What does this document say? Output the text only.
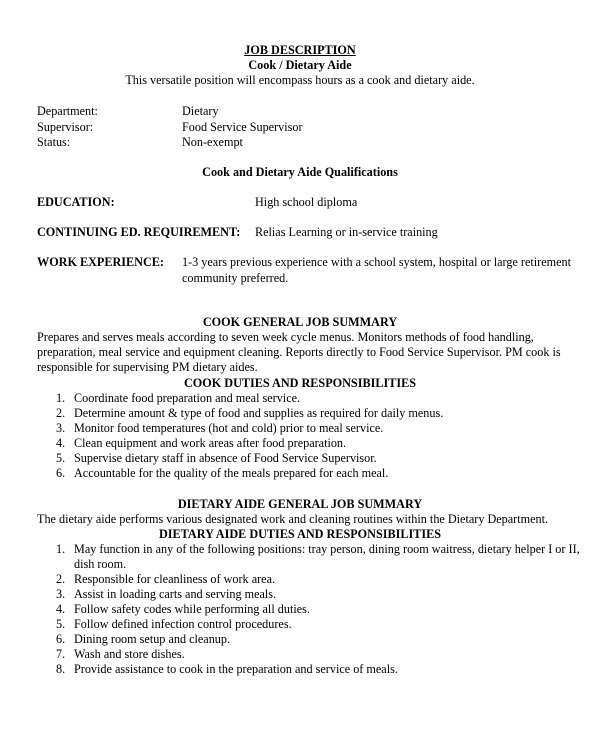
JOB DESCRIPTION
Cook / Dietary Aide
This versatile position will encompass hours as a cook and dietary aide.
Department:	Dietary
Supervisor:	Food Service Supervisor
Status:	Non-exempt
Cook and Dietary Aide Qualifications
EDUCATION:	High school diploma
CONTINUING ED. REQUIREMENT: Relias Learning or in-service training
WORK EXPERIENCE: 1-3 years previous experience with a school system, hospital or large retirement
community preferred.
COOK GENERAL JOB SUMMARY
Prepares and serves meals according to seven week cycle menus. Monitors methods of food handling, preparation, meal service and equipment cleaning. Reports directly to Food Service Supervisor. PM cook is responsible for supervising PM dietary aides.
COOK DUTIES AND RESPONSIBILITIES
1. Coordinate food preparation and meal service.
2. Determine amount & type of food and supplies as required for daily menus.
3. Monitor food temperatures (hot and cold) prior to meal service.
4. Clean equipment and work areas after food preparation.
5. Supervise dietary staff in absence of Food Service Supervisor.
6. Accountable for the quality of the meals prepared for each meal.
DIETARY AIDE GENERAL JOB SUMMARY
The dietary aide performs various designated work and cleaning routines within the Dietary Department.
DIETARY AIDE DUTIES AND RESPONSIBILITIES
1. May function in any of the following positions: tray person, dining room waitress, dietary helper I or II, dish room.
2. Responsible for cleanliness of work area.
3. Assist in loading carts and serving meals.
4. Follow safety codes while performing all duties.
5. Follow defined infection control procedures.
6. Dining room setup and cleanup.
7. Wash and store dishes.
8. Provide assistance to cook in the preparation and service of meals.
